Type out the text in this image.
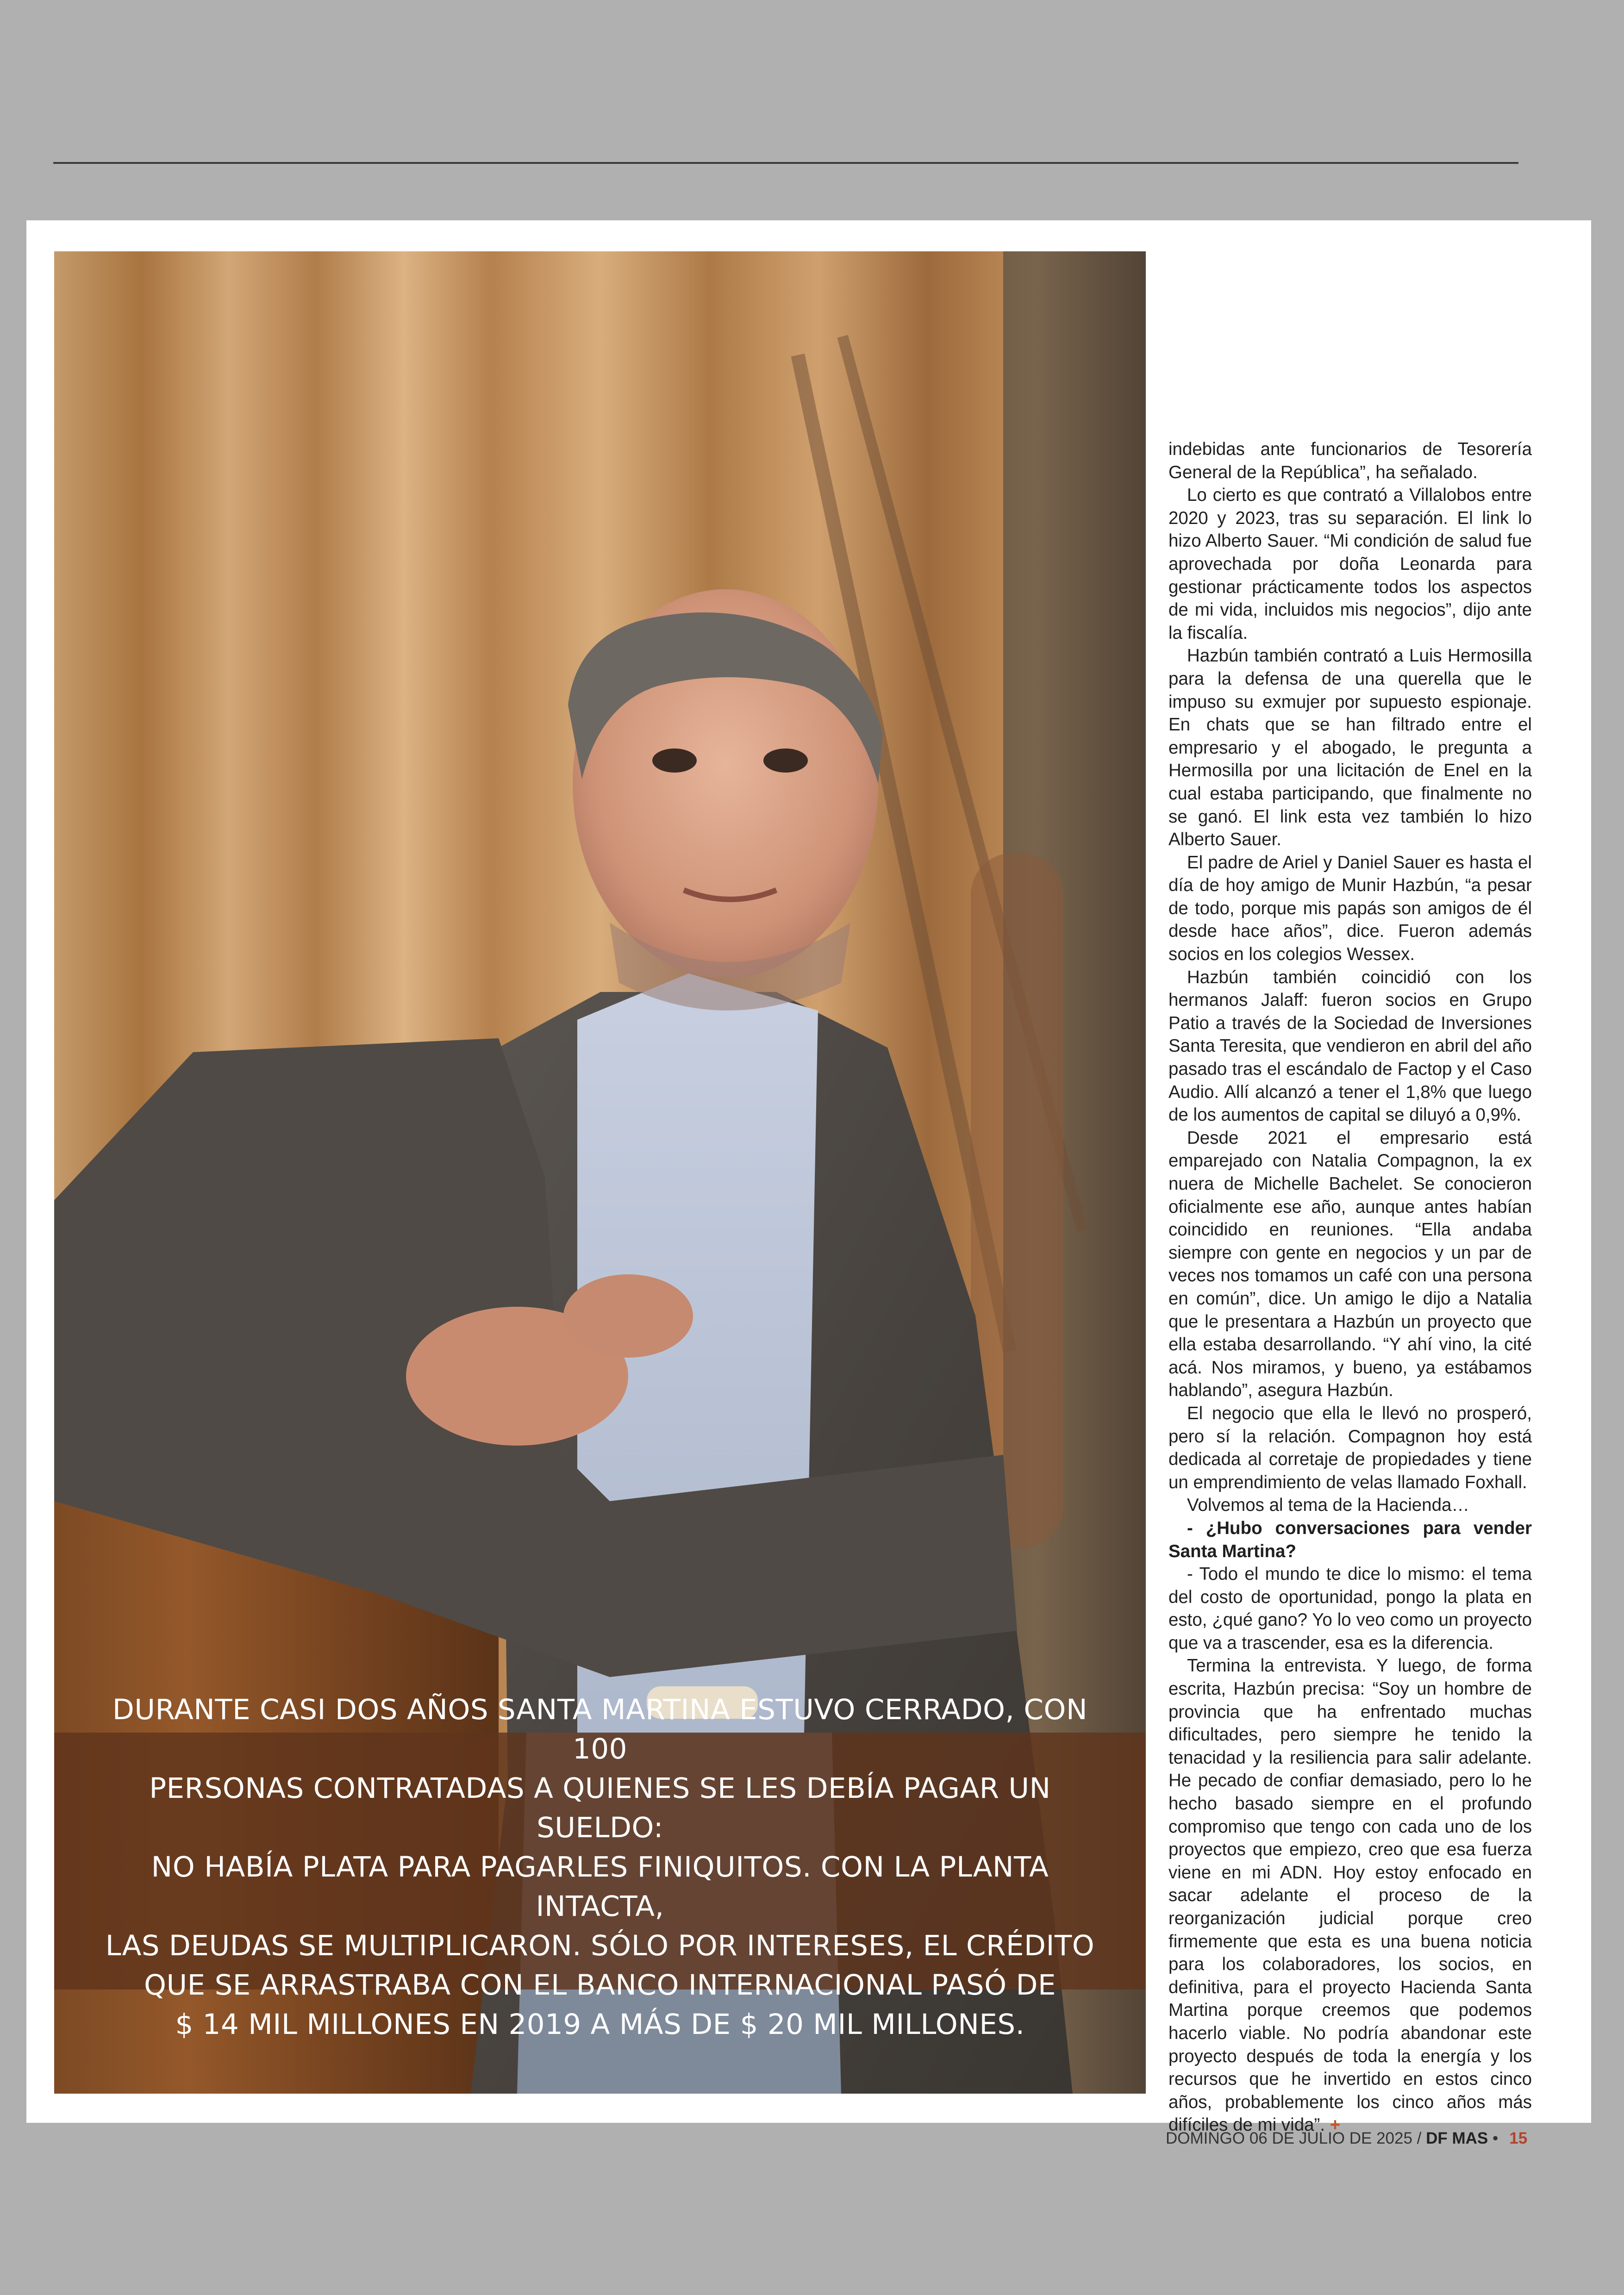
DURANTE CASI DOS AÑOS SANTA MARTINA ESTUVO CERRADO, CON 100
PERSONAS CONTRATADAS A QUIENES SE LES DEBÍA PAGAR UN SUELDO:
NO HABÍA PLATA PARA PAGARLES FINIQUITOS. CON LA PLANTA INTACTA,
LAS DEUDAS SE MULTIPLICARON. SÓLO POR INTERESES, EL CRÉDITO
QUE SE ARRASTRABA CON EL BANCO INTERNACIONAL PASÓ DE
$ 14 MIL MILLONES EN 2019 A MÁS DE $ 20 MIL MILLONES.

indebidas ante funcionarios de Tesorería General de la República”, ha señalado.

Lo cierto es que contrató a Villalobos entre 2020 y 2023, tras su separación. El link lo hizo Alberto Sauer. “Mi condición de salud fue aprovechada por doña Leonarda para gestionar prácticamente todos los aspectos de mi vida, incluidos mis negocios”, dijo ante la fiscalía.

Hazbún también contrató a Luis Hermosilla para la defensa de una querella que le impuso su exmujer por supuesto espionaje. En chats que se han filtrado entre el empresario y el abogado, le pregunta a Hermosilla por una licitación de Enel en la cual estaba participando, que finalmente no se ganó. El link esta vez también lo hizo Alberto Sauer.

El padre de Ariel y Daniel Sauer es hasta el día de hoy amigo de Munir Hazbún, “a pesar de todo, porque mis papás son amigos de él desde hace años”, dice. Fueron además socios en los colegios Wessex.

Hazbún también coincidió con los hermanos Jalaff: fueron socios en Grupo Patio a través de la Sociedad de Inversiones Santa Teresita, que vendieron en abril del año pasado tras el escándalo de Factop y el Caso Audio. Allí alcanzó a tener el 1,8% que luego de los aumentos de capital se diluyó a 0,9%.

Desde 2021 el empresario está emparejado con Natalia Compagnon, la ex nuera de Michelle Bachelet. Se conocieron oficialmente ese año, aunque antes habían coincidido en reuniones. “Ella andaba siempre con gente en negocios y un par de veces nos tomamos un café con una persona en común”, dice. Un amigo le dijo a Natalia que le presentara a Hazbún un proyecto que ella estaba desarrollando. “Y ahí vino, la cité acá. Nos miramos, y bueno, ya estábamos hablando”, asegura Hazbún.

El negocio que ella le llevó no prosperó, pero sí la relación. Compagnon hoy está dedicada al corretaje de propiedades y tiene un emprendimiento de velas llamado Foxhall.

Volvemos al tema de la Hacienda…

- ¿Hubo conversaciones para vender Santa Martina?

- Todo el mundo te dice lo mismo: el tema del costo de oportunidad, pongo la plata en esto, ¿qué gano? Yo lo veo como un proyecto que va a trascender, esa es la diferencia.

Termina la entrevista. Y luego, de forma escrita, Hazbún precisa: “Soy un hombre de provincia que ha enfrentado muchas dificultades, pero siempre he tenido la tenacidad y la resiliencia para salir adelante. He pecado de confiar demasiado, pero lo he hecho basado siempre en el profundo compromiso que tengo con cada uno de los proyectos que empiezo, creo que esa fuerza viene en mi ADN. Hoy estoy enfocado en sacar adelante el proceso de la reorganización judicial porque creo firmemente que esta es una buena noticia para los colaboradores, los socios, en definitiva, para el proyecto Hacienda Santa Martina porque creemos que podemos hacerlo viable. No podría abandonar este proyecto después de toda la energía y los recursos que he invertido en estos cinco años, probablemente los cinco años más difíciles de mi vida”. +

DOMINGO 06 DE JULIO DE 2025 / DF MAS • 15
